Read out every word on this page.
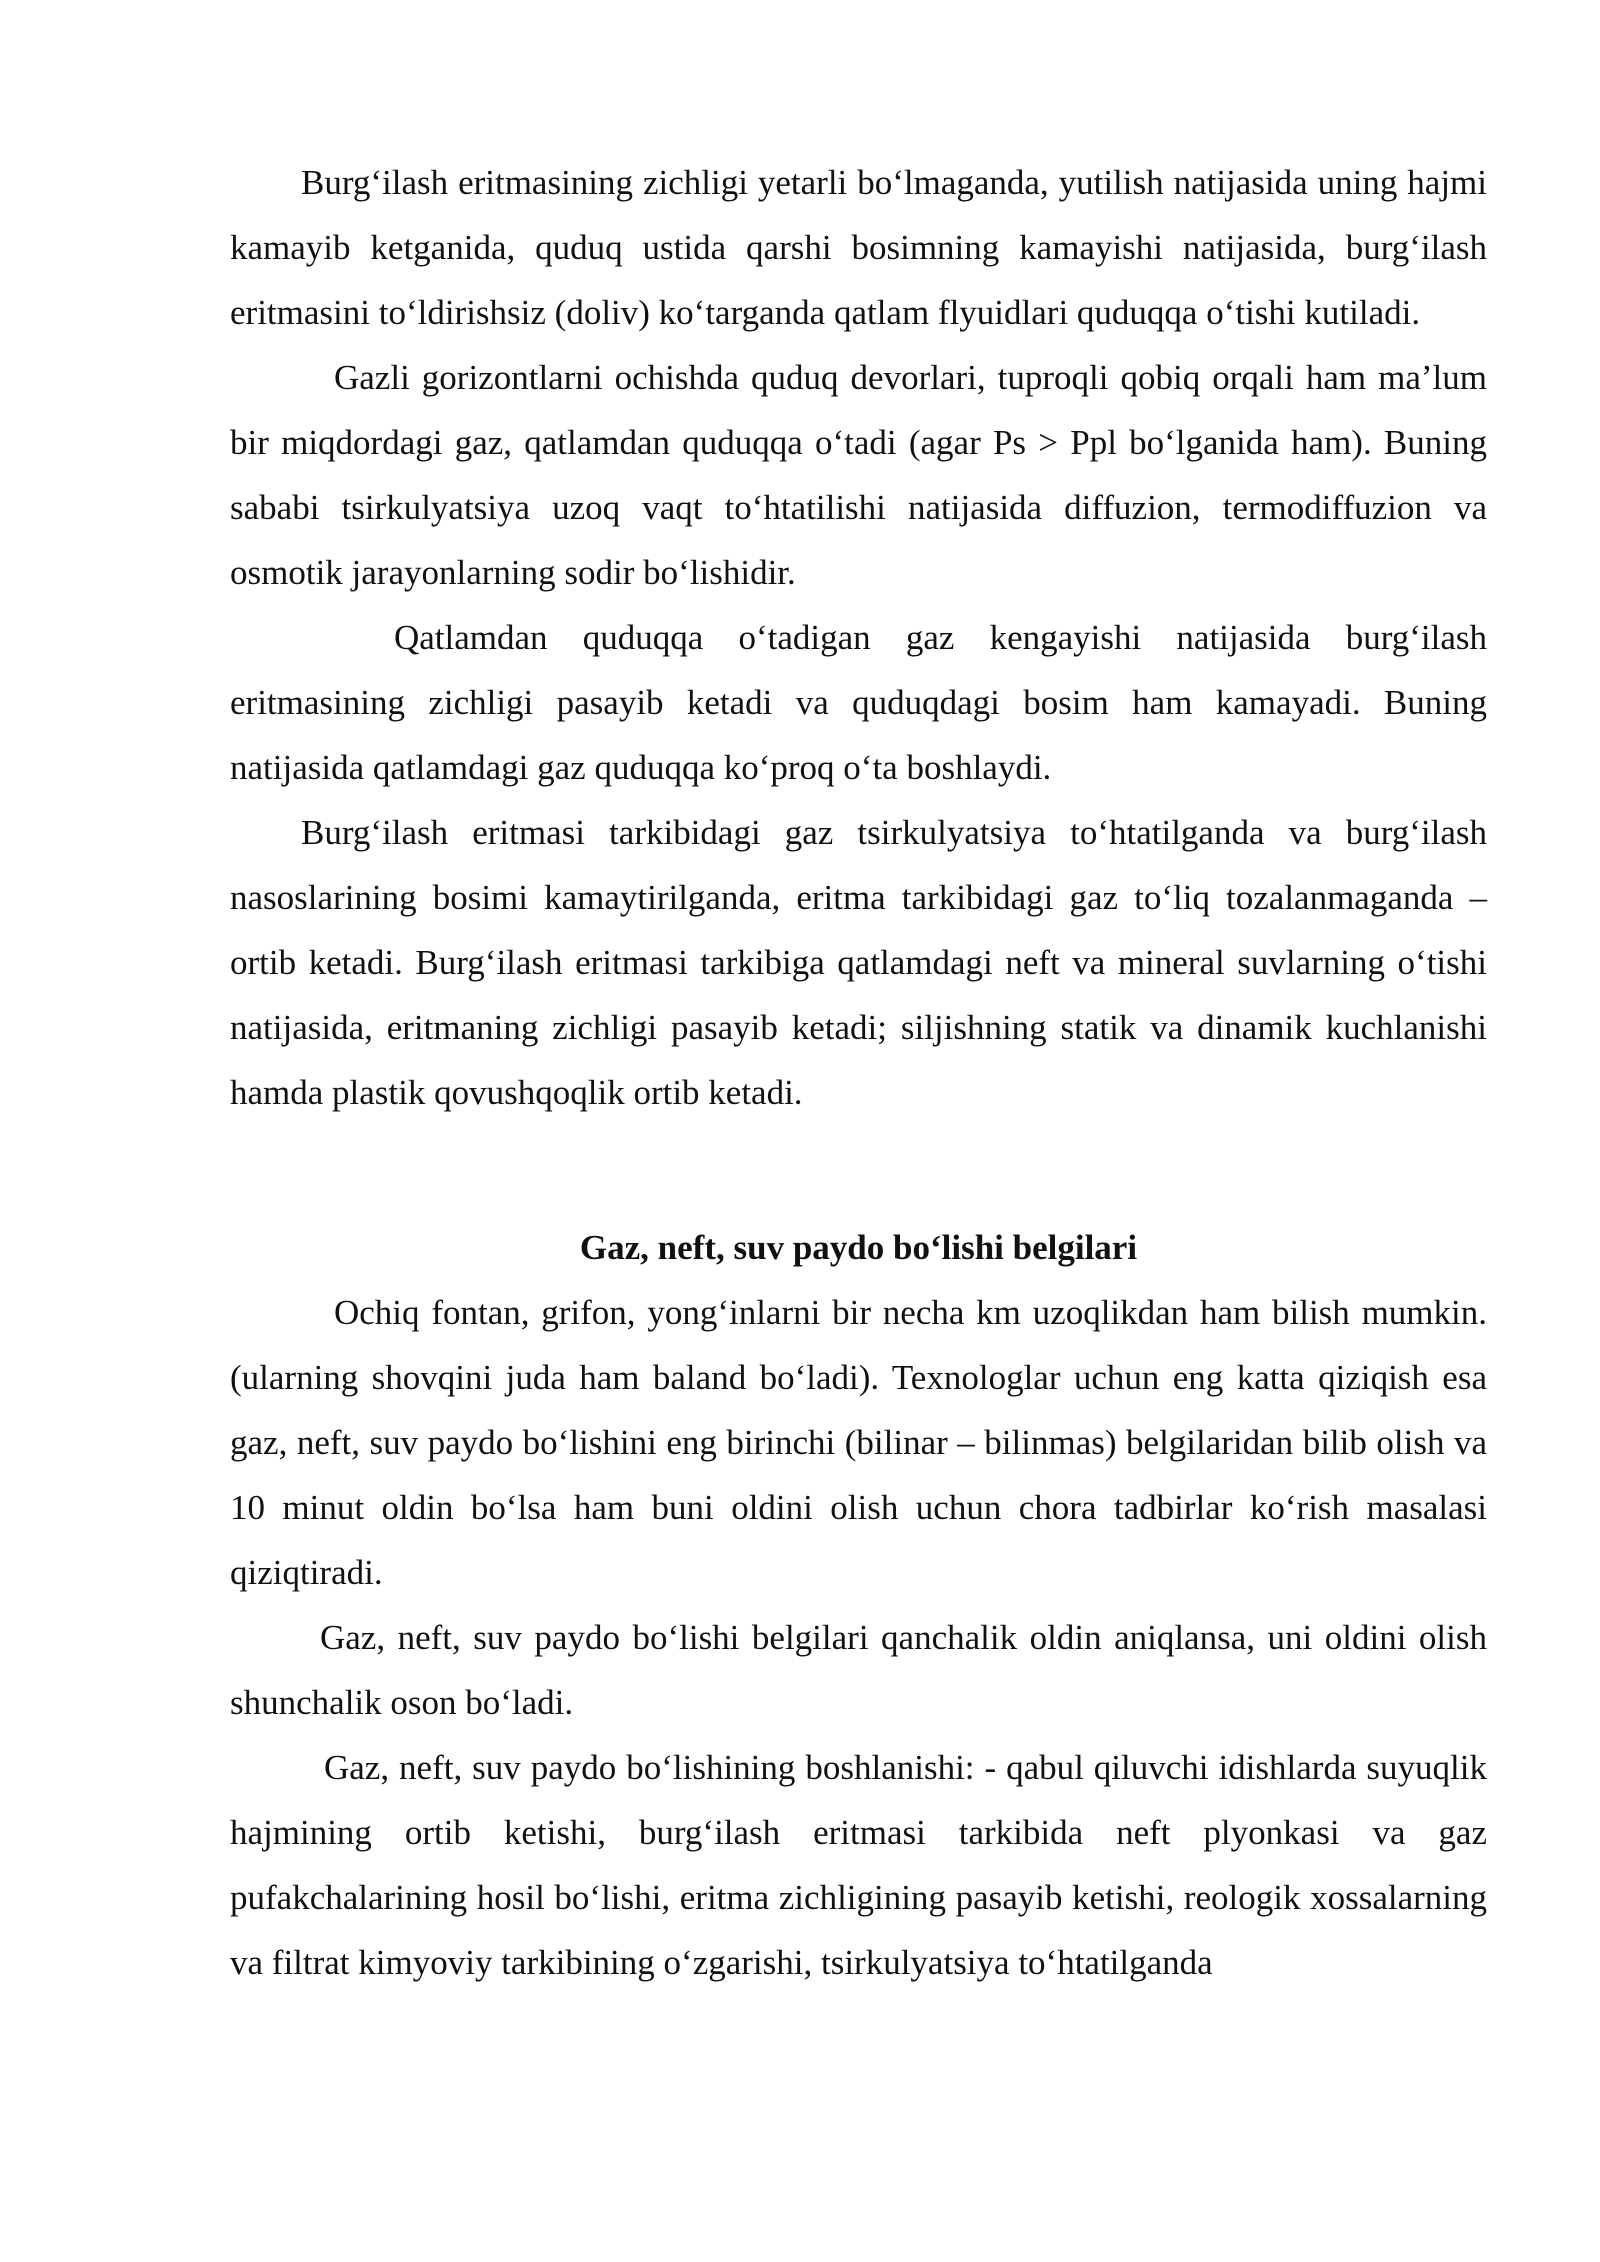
Burg‘ilash eritmasining zichligi yetarli bo‘lmaganda, yutilish natijasida uning hajmi kamayib ketganida, quduq ustida qarshi bosimning kamayishi natijasida, burg‘ilash eritmasini to‘ldirishsiz (doliv) ko‘targanda qatlam flyuidlari quduqqa o‘tishi kutiladi.

Gazli gorizontlarni ochishda quduq devorlari, tuproqli qobiq orqali ham ma’lum bir miqdordagi gaz, qatlamdan quduqqa o‘tadi (agar Ps > Ppl bo‘lganida ham). Buning sababi tsirkulyatsiya uzoq vaqt to‘htatilishi natijasida diffuzion, termodiffuzion va osmotik jarayonlarning sodir bo‘lishidir.

Qatlamdan quduqqa o‘tadigan gaz kengayishi natijasida burg‘ilash eritmasining zichligi pasayib ketadi va quduqdagi bosim ham kamayadi. Buning natijasida qatlamdagi gaz quduqqa ko‘proq o‘ta boshlaydi.

Burg‘ilash eritmasi tarkibidagi gaz tsirkulyatsiya to‘htatilganda va burg‘ilash nasoslarining bosimi kamaytirilganda, eritma tarkibidagi gaz to‘liq tozalanmaganda – ortib ketadi. Burg‘ilash eritmasi tarkibiga qatlamdagi neft va mineral suvlarning o‘tishi natijasida, eritmaning zichligi pasayib ketadi; siljishning statik va dinamik kuchlanishi hamda plastik qovushqoqlik ortib ketadi.

Gaz, neft, suv paydo bo‘lishi belgilari

Ochiq fontan, grifon, yong‘inlarni bir necha km uzoqlikdan ham bilish mumkin. (ularning shovqini juda ham baland bo‘ladi). Texnologlar uchun eng katta qiziqish esa gaz, neft, suv paydo bo‘lishini eng birinchi (bilinar – bilinmas) belgilaridan bilib olish va 10 minut oldin bo‘lsa ham buni oldini olish uchun chora tadbirlar ko‘rish masalasi qiziqtiradi.

Gaz, neft, suv paydo bo‘lishi belgilari qanchalik oldin aniqlansa, uni oldini olish shunchalik oson bo‘ladi.

Gaz, neft, suv paydo bo‘lishining boshlanishi: - qabul qiluvchi idishlarda suyuqlik hajmining ortib ketishi, burg‘ilash eritmasi tarkibida neft plyonkasi va gaz pufakchalarining hosil bo‘lishi, eritma zichligining pasayib ketishi, reologik xossalarning va filtrat kimyoviy tarkibining o‘zgarishi, tsirkulyatsiya to‘htatilganda
